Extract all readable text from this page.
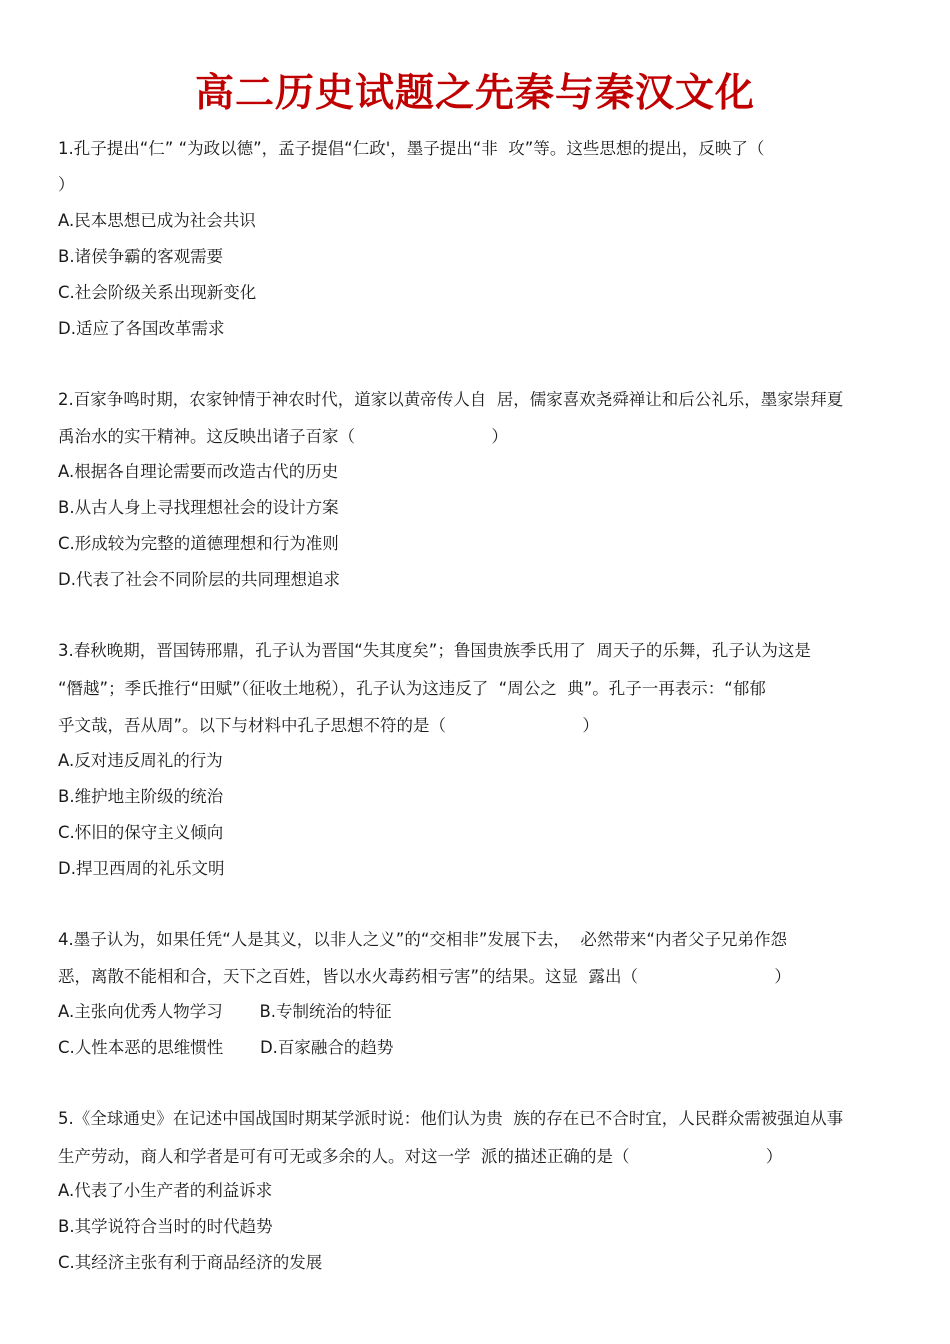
高二历史试题之先秦与秦汉文化
1.孔子提出“仁” “为政以德”，孟子提倡“仁政'，墨子提出“非  攻”等。这些思想的提出，反映了（
）
A.民本思想已成为社会共识
B.诸侯争霸的客观需要
C.社会阶级关系出现新变化
D.适应了各国改革需求
2.百家争鸣时期，农家钟情于神农时代，道家以黄帝传人自  居，儒家喜欢尧舜禅让和后公礼乐，墨家崇拜夏
禹治水的实干精神。这反映出诸子百家（                          ）
A.根据各自理论需要而改造古代的历史
B.从古人身上寻找理想社会的设计方案
C.形成较为完整的道德理想和行为准则
D.代表了社会不同阶层的共同理想追求
3.春秋晚期，晋国铸邢鼎，孔子认为晋国“失其度矣”；鲁国贵族季氏用了  周天子的乐舞，孔子认为这是
“僭越”；季氏推行“田赋”（征收土地税），孔子认为这违反了  “周公之  典”。孔子一再表示：“郁郁
乎文哉，吾从周”。以下与材料中孔子思想不符的是（                          ）
A.反对违反周礼的行为
B.维护地主阶级的统治
C.怀旧的保守主义倾向
D.捍卫西周的礼乐文明
4.墨子认为，如果任凭“人是其义，以非人之义”的“交相非”发展下去，  必然带来“内者父子兄弟作怨
恶，离散不能相和合，天下之百姓，皆以水火毒药相亏害”的结果。这显  露出（                          ）
A.主张向优秀人物学习       B.专制统治的特征
C.人性本恶的思维惯性       D.百家融合的趋势
5.《全球通史》在记述中国战国时期某学派时说：他们认为贵  族的存在已不合时宜，人民群众需被强迫从事
生产劳动，商人和学者是可有可无或多余的人。对这一学  派的描述正确的是（                          ）
A.代表了小生产者的利益诉求
B.其学说符合当时的时代趋势
C.其经济主张有利于商品经济的发展
